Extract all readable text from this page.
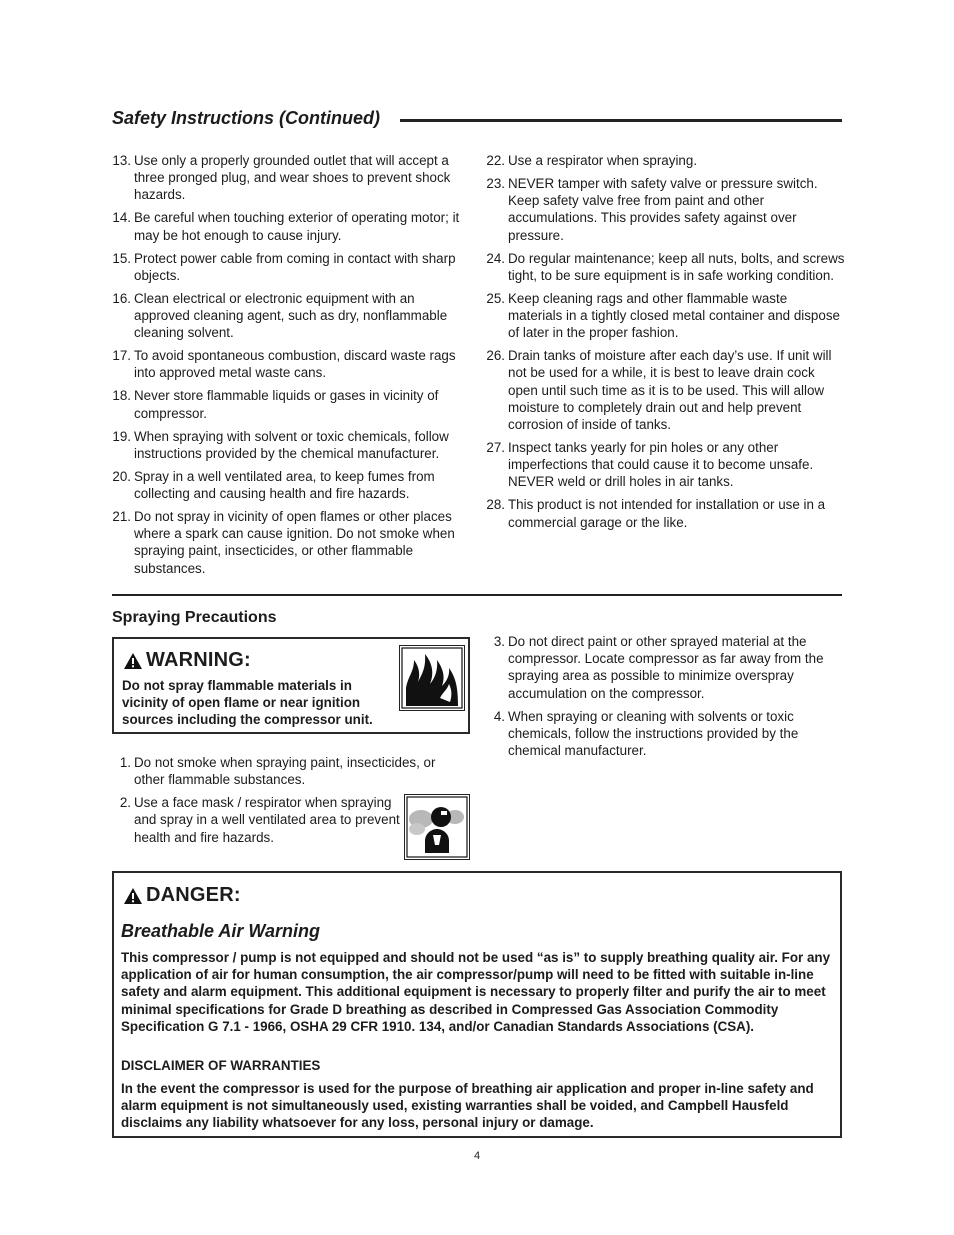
Safety Instructions (Continued)
13. Use only a properly grounded outlet that will accept a three pronged plug, and wear shoes to prevent shock hazards.
14. Be careful when touching exterior of operating motor; it may be hot enough to cause injury.
15. Protect power cable from coming in contact with sharp objects.
16. Clean electrical or electronic equipment with an approved cleaning agent, such as dry, nonflammable cleaning solvent.
17. To avoid spontaneous combustion, discard waste rags into approved metal waste cans.
18. Never store flammable liquids or gases in vicinity of compressor.
19. When spraying with solvent or toxic chemicals, follow instructions provided by the chemical manufacturer.
20. Spray in a well ventilated area, to keep fumes from collecting and causing health and fire hazards.
21. Do not spray in vicinity of open flames or other places where a spark can cause ignition. Do not smoke when spraying paint, insecticides, or other flammable substances.
22. Use a respirator when spraying.
23. NEVER tamper with safety valve or pressure switch. Keep safety valve free from paint and other accumulations. This provides safety against over pressure.
24. Do regular maintenance; keep all nuts, bolts, and screws tight, to be sure equipment is in safe working condition.
25. Keep cleaning rags and other flammable waste materials in a tightly closed metal container and dispose of later in the proper fashion.
26. Drain tanks of moisture after each day’s use. If unit will not be used for a while, it is best to leave drain cock open until such time as it is to be used. This will allow moisture to completely drain out and help prevent corrosion of inside of tanks.
27. Inspect tanks yearly for pin holes or any other imperfections that could cause it to become unsafe. NEVER weld or drill holes in air tanks.
28. This product is not intended for installation or use in a commercial garage or the like.
Spraying Precautions
WARNING:
Do not spray flammable materials in vicinity of open flame or near ignition sources including the compressor unit.
1. Do not smoke when spraying paint, insecticides, or other flammable substances.
2. Use a face mask / respirator when spraying and spray in a well ventilated area to prevent health and fire hazards.
3. Do not direct paint or other sprayed material at the compressor. Locate compressor as far away from the spraying area as possible to minimize overspray accumulation on the compressor.
4. When spraying or cleaning with solvents or toxic chemicals, follow the instructions provided by the chemical manufacturer.
DANGER:
Breathable Air Warning
This compressor / pump is not equipped and should not be used “as is” to supply breathing quality air. For any application of air for human consumption, the air compressor/pump will need to be fitted with suitable in-line safety and alarm equipment. This additional equipment is necessary to properly filter and purify the air to meet minimal specifications for Grade D breathing as described in Compressed Gas Association Commodity Specification G 7.1 - 1966, OSHA 29 CFR 1910. 134, and/or Canadian Standards Associations (CSA).
DISCLAIMER OF WARRANTIES
In the event the compressor is used for the purpose of breathing air application and proper in-line safety and alarm equipment is not simultaneously used, existing warranties shall be voided, and Campbell Hausfeld disclaims any liability whatsoever for any loss, personal injury or damage.
4
